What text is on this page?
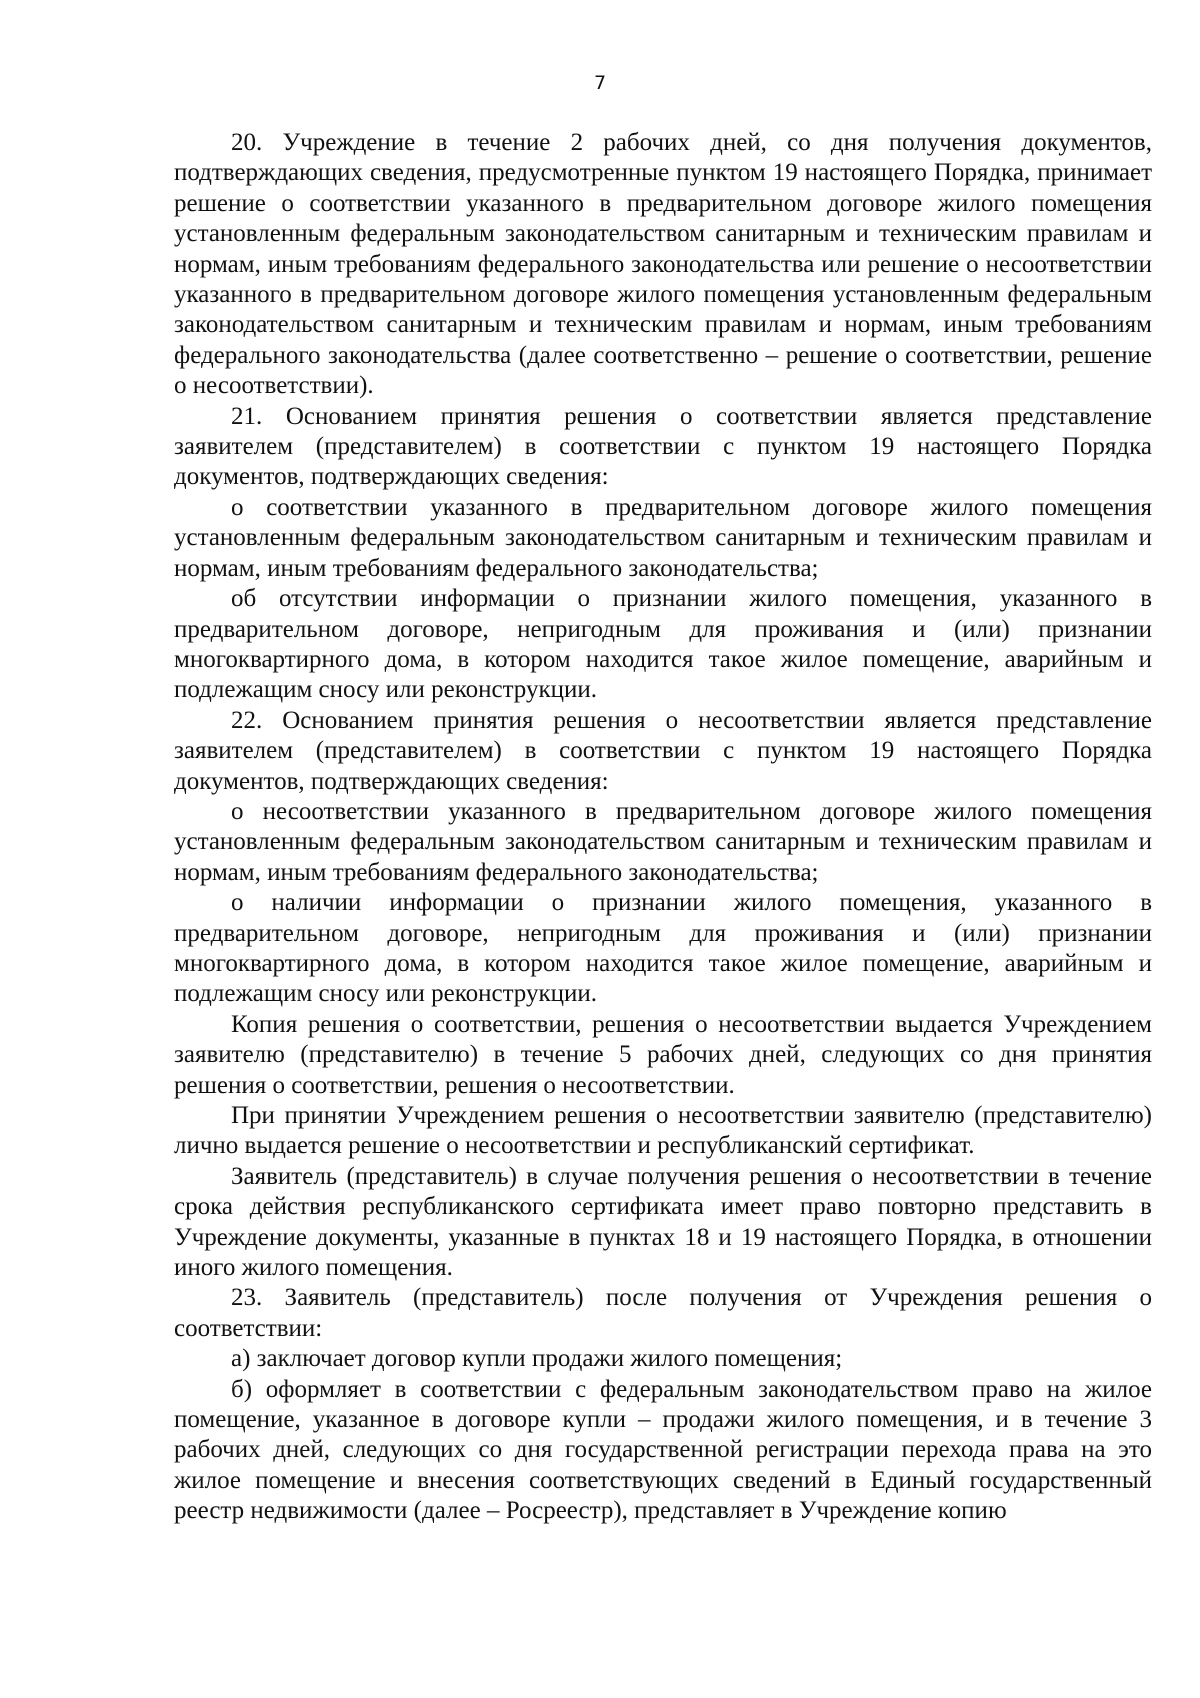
7

20. Учреждение в течение 2 рабочих дней, со дня получения документов, подтверждающих сведения, предусмотренные пунктом 19 настоящего Порядка, принимает решение о соответствии указанного в предварительном договоре жилого помещения установленным федеральным законодательством санитарным и техническим правилам и нормам, иным требованиям федерального законодательства или решение о несоответствии указанного в предварительном договоре жилого помещения установленным федеральным законодательством санитарным и техническим правилам и нормам, иным требованиям федерального законодательства (далее соответственно – решение о соответствии, решение о несоответствии).

21. Основанием принятия решения о соответствии является представление заявителем (представителем) в соответствии с пунктом 19 настоящего Порядка документов, подтверждающих сведения:

о соответствии указанного в предварительном договоре жилого помещения установленным федеральным законодательством санитарным и техническим правилам и нормам, иным требованиям федерального законодательства;

об отсутствии информации о признании жилого помещения, указанного в предварительном договоре, непригодным для проживания и (или) признании многоквартирного дома, в котором находится такое жилое помещение, аварийным и подлежащим сносу или реконструкции.

22. Основанием принятия решения о несоответствии является представление заявителем (представителем) в соответствии с пунктом 19 настоящего Порядка документов, подтверждающих сведения:

о несоответствии указанного в предварительном договоре жилого помещения установленным федеральным законодательством санитарным и техническим правилам и нормам, иным требованиям федерального законодательства;

о наличии информации о признании жилого помещения, указанного в предварительном договоре, непригодным для проживания и (или) признании многоквартирного дома, в котором находится такое жилое помещение, аварийным и подлежащим сносу или реконструкции.

Копия решения о соответствии, решения о несоответствии выдается Учреждением заявителю (представителю) в течение 5 рабочих дней, следующих со дня принятия решения о соответствии, решения о несоответствии.

При принятии Учреждением решения о несоответствии заявителю (представителю) лично выдается решение о несоответствии и республиканский сертификат.

Заявитель (представитель) в случае получения решения о несоответствии в течение срока действия республиканского сертификата имеет право повторно представить в Учреждение документы, указанные в пунктах 18 и 19 настоящего Порядка, в отношении иного жилого помещения.

23. Заявитель (представитель) после получения от Учреждения решения о соответствии:

а) заключает договор купли продажи жилого помещения;

б) оформляет в соответствии с федеральным законодательством право на жилое помещение, указанное в договоре купли – продажи жилого помещения, и в течение 3 рабочих дней, следующих со дня государственной регистрации перехода права на это жилое помещение и внесения соответствующих сведений в Единый государственный реестр недвижимости (далее – Росреестр), представляет в Учреждение копию
